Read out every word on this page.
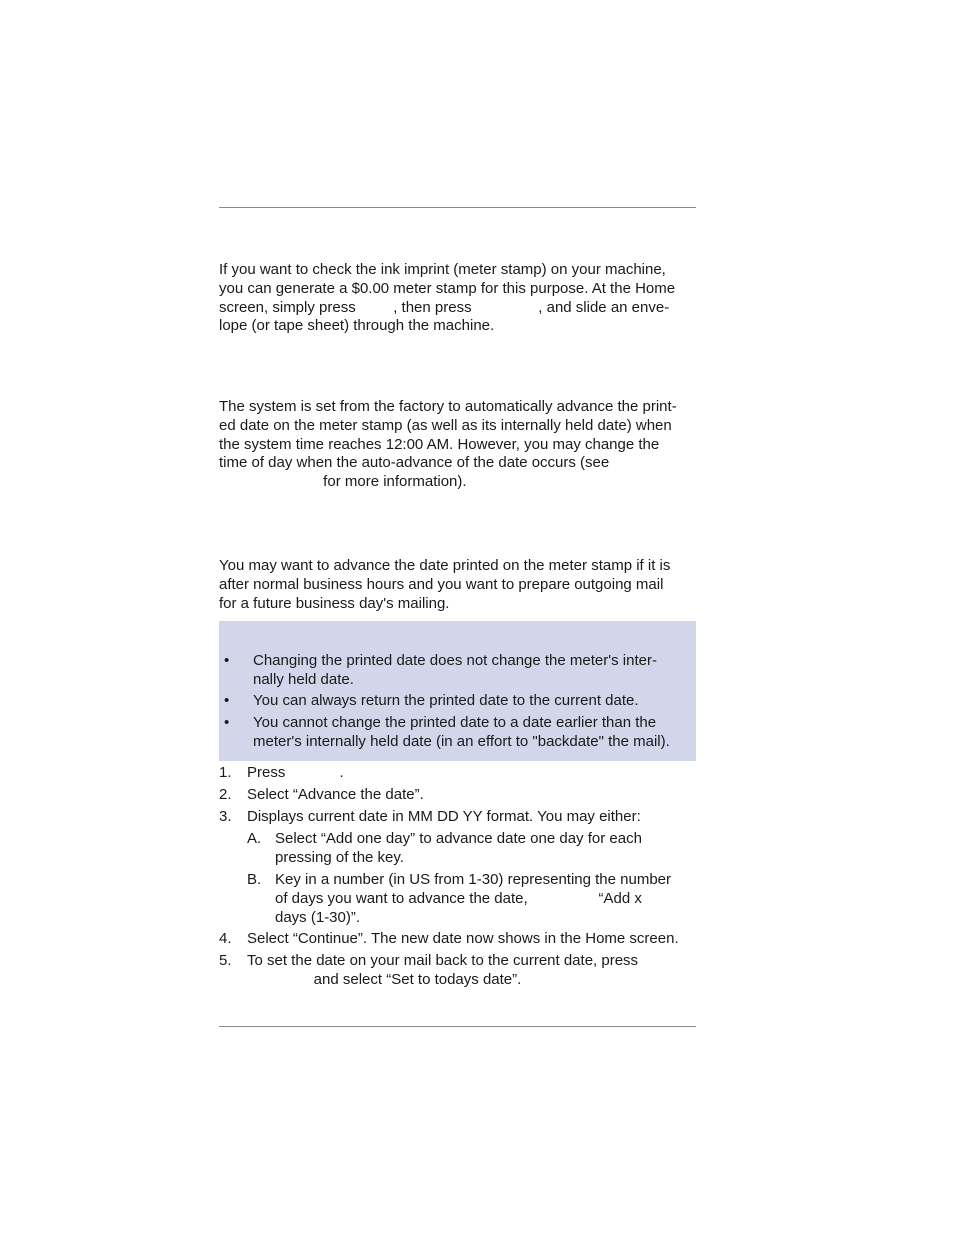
If you want to check the ink imprint (meter stamp) on your machine,
you can generate a $0.00 meter stamp for this purpose. At the Home
screen, simply press         , then press                , and slide an enve-
lope (or tape sheet) through the machine.
The system is set from the factory to automatically advance the print-
ed date on the meter stamp (as well as its internally held date) when
the system time reaches 12:00 AM. However, you may change the
time of day when the auto-advance of the date occurs (see
for more information).
You may want to advance the date printed on the meter stamp if it is
after normal business hours and you want to prepare outgoing mail
for a future business day's mailing.
• Changing the printed date does not change the meter's inter-
nally held date.
• You can always return the printed date to the current date.
• You cannot change the printed date to a date earlier than the
meter's internally held date (in an effort to "backdate" the mail).
1. Press             .
2. Select “Advance the date”.
3. Displays current date in MM DD YY format. You may either:
A. Select “Add one day” to advance date one day for each
pressing of the key.
B. Key in a number (in US from 1-30) representing the number
of days you want to advance the date,                 “Add x
days (1-30)”.
4. Select “Continue”. The new date now shows in the Home screen.
5. To set the date on your mail back to the current date, press
and select “Set to todays date”.
